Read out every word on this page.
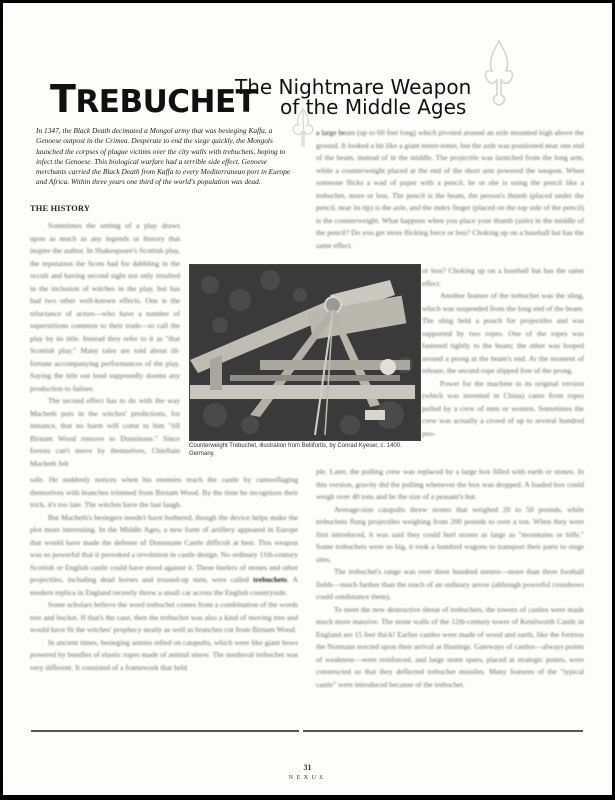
TREBUCHET
The Nightmare Weapon
of the Middle Ages
In 1347, the Black Death decimated a Mongol army that was besieging Kaffa, a Genoese outpost in the Crimea. Desperate to end the siege quickly, the Mongols launched the corpses of plague victims over the city walls with trebuchets, hoping to infect the Genoese. This biological warfare had a terrible side effect. Genoese merchants carried the Black Death from Kaffa to every Mediterranean port in Europe and Africa. Within three years one third of the world's population was dead.
THE HISTORY

Sometimes the setting of a play draws upon as much as any legends or history that inspire the author. In Shakespeare's Scottish play, the reputation the Scots had for dabbling in the occult and having second sight not only resulted in the inclusion of witches in the play, but has had two other well-known effects. One is the reluctance of actors—who have a number of superstitions common to their trade—to call the play by its title. Instead they refer to it as "that Scottish play." Many tales are told about ill-fortune accompanying performances of the play. Saying the title out loud supposedly dooms any production to failure.

The second effect has to do with the way Macbeth puts in the witches' predictions, for instance, that no harm will come to him "till Birnam Wood remove to Dunsinane." Since forests can't move by themselves, Chieftain Macbeth felt

safe. He suddenly notices when his enemies reach the castle by camouflaging themselves with branches trimmed from Birnam Wood. By the time he recognizes their trick, it's too late. The witches have the last laugh.

But Macbeth's besiegers needn't have bothered, though the device helps make the plot more interesting. In the Middle Ages, a new form of artillery appeared in Europe that would have made the defense of Dunsinane Castle difficult at best. This weapon was so powerful that it provoked a revolution in castle design. No ordinary 11th-century Scottish or English castle could have stood against it. These hurlers of stones and other projectiles, including dead horses and trussed-up men, were called trebuchets. A modern replica in England recently threw a small car across the English countryside.

Some scholars believe the word trebuchet comes from a combination of the words tree and bucket. If that's the case, then the trebuchet was also a kind of moving tree and would have fit the witches' prophecy neatly as well as branches cut from Birnam Wood.

In ancient times, besieging armies relied on catapults, which were like giant bows powered by bundles of elastic ropes made of animal sinew. The medieval trebuchet was very different. It consisted of a framework that held

a large beam (up to 60 feet long) which pivoted around an axle mounted high above the ground. It looked a bit like a giant teeter-totter, but the axle was positioned near one end of the beam, instead of in the middle. The projectile was launched from the long arm, while a counterweight placed at the end of the short arm powered the weapon. When someone flicks a wad of paper with a pencil, he or she is using the pencil like a trebuchet, more or less. The pencil is the beam, the person's thumb (placed under the pencil, near its tip) is the axle, and the index finger (placed on the top side of the pencil) is the counterweight. What happens when you place your thumb (axle) in the middle of the pencil? Do you get more flicking force or less? Choking up on a baseball bat has the same effect.

Counterweight Trebuchet, illustration from Bellifortis, by Conrad Kyeser, c. 1400. Germany.

or less? Choking up on a baseball bat has the same effect.

Another feature of the trebuchet was the sling, which was suspended from the long end of the beam. The sling held a pouch for projectiles and was supported by two ropes. One of the ropes was fastened tightly to the beam; the other was looped around a prong at the beam's end. At the moment of release, the second rope slipped free of the prong.

Power for the machine in its original version (which was invented in China) came from ropes pulled by a crew of men or women. Sometimes the crew was actually a crowd of up to several hundred peo-

ple. Later, the pulling crew was replaced by a large box filled with earth or stones. In this version, gravity did the pulling whenever the box was dropped. A loaded box could weigh over 40 tons and be the size of a peasant's hut.

Average-size catapults threw stones that weighed 20 to 50 pounds, while trebuchets flung projectiles weighing from 200 pounds to over a ton. When they were first introduced, it was said they could hurl stones as large as "mountains or hills." Some trebuchets were so big, it took a hundred wagons to transport their parts to siege sites.

The trebuchet's range was over three hundred meters—more than three football fields—much farther than the reach of an ordinary arrow (although powerful crossbows could outdistance them).

To meet the new destructive threat of trebuchets, the towers of castles were made much more massive. The stone walls of the 12th-century tower of Kenilworth Castle in England are 15 feet thick! Earlier castles were made of wood and earth, like the fortress the Normans erected upon their arrival at Hastings. Gateways of castles—always points of weakness—were reinforced, and large stone spurs, placed at strategic points, were constructed so that they deflected trebuchet missiles. Many features of the "typical castle" were introduced because of the trebuchet.

31
NEXUS
